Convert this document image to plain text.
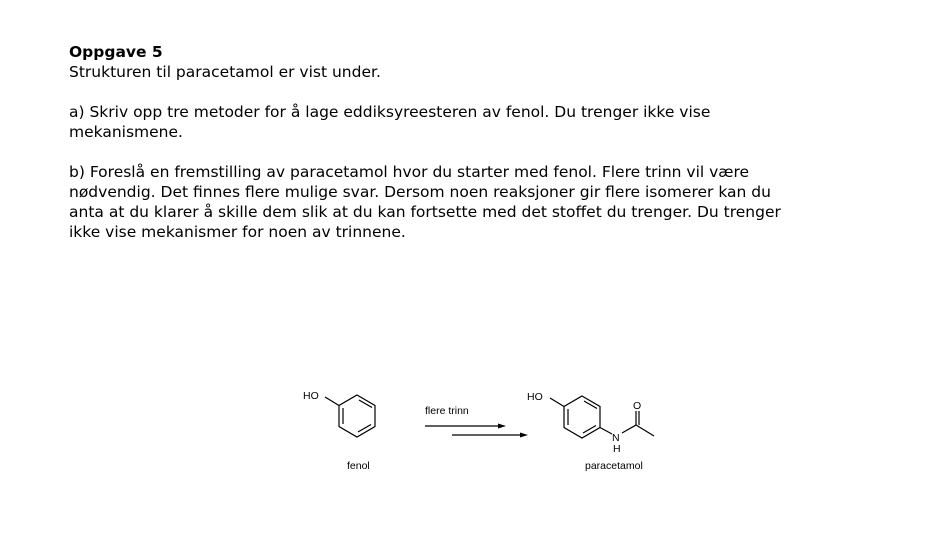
Oppgave 5
Strukturen til paracetamol er vist under.
a) Skriv opp tre metoder for å lage eddiksyreesteren av fenol. Du trenger ikke vise
mekanismene.
b) Foreslå en fremstilling av paracetamol hvor du starter med fenol. Flere trinn vil være
nødvendig. Det finnes flere mulige svar. Dersom noen reaksjoner gir flere isomerer kan du
anta at du klarer å skille dem slik at du kan fortsette med det stoffet du trenger. Du trenger
ikke vise mekanismer for noen av trinnene.
HO
fenol
flere trinn
HO
N
H
O
paracetamol
